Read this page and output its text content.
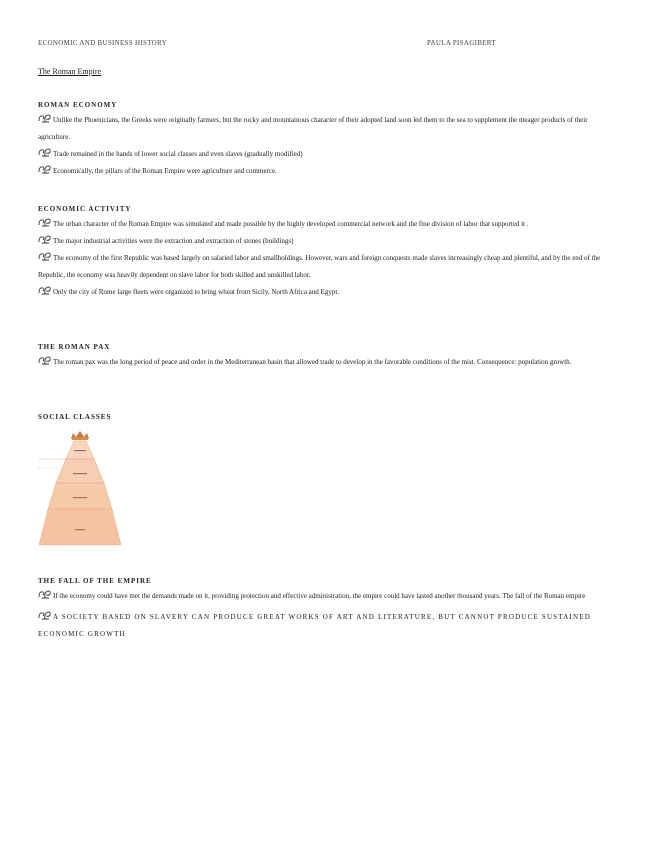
ECONOMIC AND BUSINESS HISTORY	PAULA PISAGIBERT
The Roman Empire
ROMAN ECONOMY
Unlike the Phoenicians, the Greeks were originally farmers, but the rocky and mountainous character of their adopted land soon led them to the sea to supplement the meager products of their agriculture.
Trade remained in the hands of lower social classes and even slaves (gradually modified)
Economically, the pillars of the Roman Empire were agriculture and commerce.
ECONOMIC ACTIVITY
The urban character of the Roman Empire was simulated and made possible by the highly developed commercial network and the fine division of labor that supported it .
The major industrial activities were the extraction and extraction of stones (buildings)
The economy of the first Republic was based largely on salaried labor and smallholdings. However, wars and foreign conquests made slaves increasingly cheap and plentiful, and by the end of the Republic, the economy was heavily dependent on slave labor for both skilled and unskilled labor.
Only the city of Rome large fleets were organized to bring wheat from Sicily, North Africa and Egypt.
THE ROMAN PAX
The roman pax was the long period of peace and order in the Mediterranean basin that allowed trade to develop in the favorable conditions of the mist. Consequence: population growth.
SOCIAL CLASSES
THE FALL OF THE EMPIRE
If the economy could have met the demands made on it, providing protection and effective administration, the empire could have lasted another thousand years. The fall of the Roman empire
A SOCIETY BASED ON SLAVERY CAN PRODUCE GREAT WORKS OF ART AND LITERATURE, BUT CANNOT PRODUCE SUSTAINED ECONOMIC GROWTH
